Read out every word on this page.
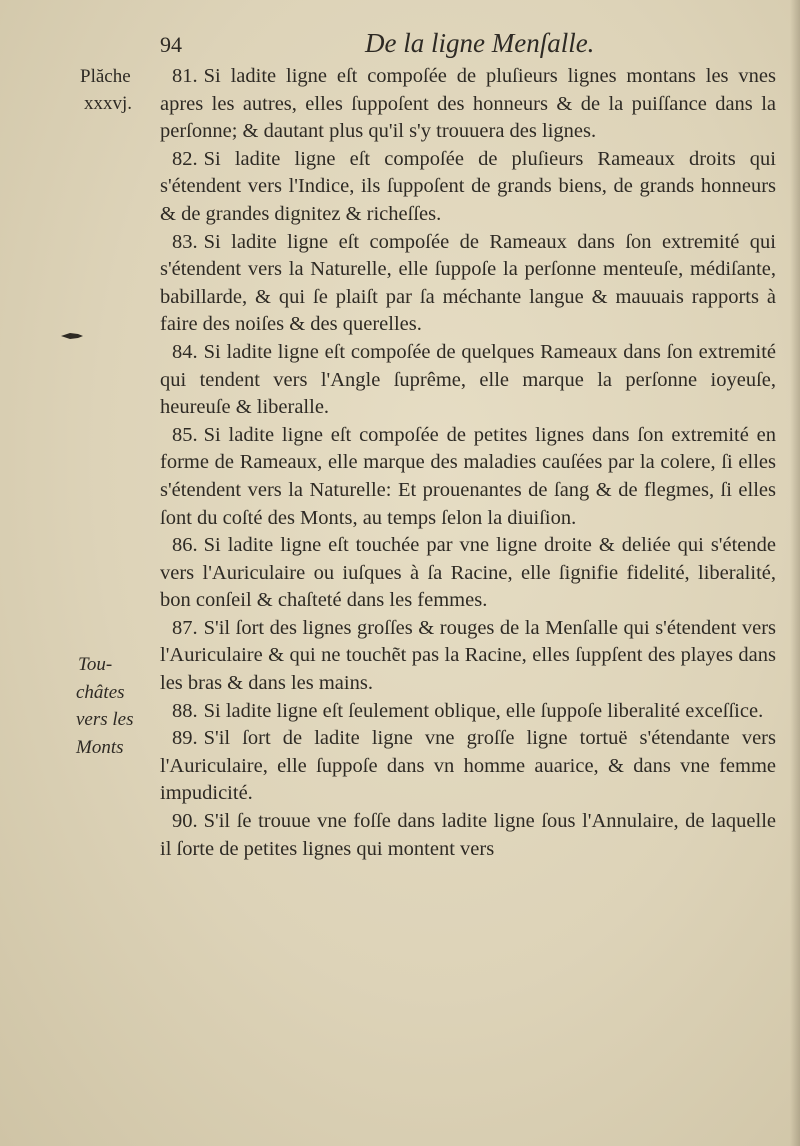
94	De la ligne Menſalle.
Plăche
xxxvj.
Tou-
châtes
vers les
Monts

81. Si ladite ligne eſt compoſée de pluſieurs lignes montans les vnes apres les autres, elles ſuppoſent des honneurs & de la puiſſance dans la perſonne; & dautant plus qu'il s'y trouuera des lignes.

82. Si ladite ligne eſt compoſée de pluſieurs Rameaux droits qui s'étendent vers l'Indice, ils ſuppoſent de grands biens, de grands honneurs & de grandes dignitez & richeſſes.

83. Si ladite ligne eſt compoſée de Rameaux dans ſon extremité qui s'étendent vers la Naturelle, elle ſuppoſe la perſonne menteuſe, médiſante, babillarde, & qui ſe plaiſt par ſa méchante langue & mauuais rapports à faire des noiſes & des querelles.

84. Si ladite ligne eſt compoſée de quelques Rameaux dans ſon extremité qui tendent vers l'Angle ſuprême, elle marque la perſonne ioyeuſe, heureuſe & liberalle.

85. Si ladite ligne eſt compoſée de petites lignes dans ſon extremité en forme de Rameaux, elle marque des maladies cauſées par la colere, ſi elles s'étendent vers la Naturelle: Et prouenantes de ſang & de flegmes, ſi elles ſont du coſté des Monts, au temps ſelon la diuiſion.

86. Si ladite ligne eſt touchée par vne ligne droite & deliée qui s'étende vers l'Auriculaire ou iuſques à ſa Racine, elle ſignifie fidelité, liberalité, bon conſeil & chaſteté dans les femmes.

87. S'il ſort des lignes groſſes & rouges de la Menſalle qui s'étendent vers l'Auriculaire & qui ne touchẽt pas la Racine, elles ſuppſent des playes dans les bras & dans les mains.

88. Si ladite ligne eſt ſeulement oblique, elle ſuppoſe liberalité exceſſice.

89. S'il ſort de ladite ligne vne groſſe ligne tortuë s'étendante vers l'Auriculaire, elle ſuppoſe dans vn homme auarice, & dans vne femme impudicité.

90. S'il ſe trouue vne foſſe dans ladite ligne ſous l'Annulaire, de laquelle il ſorte de petites lignes qui montent vers
